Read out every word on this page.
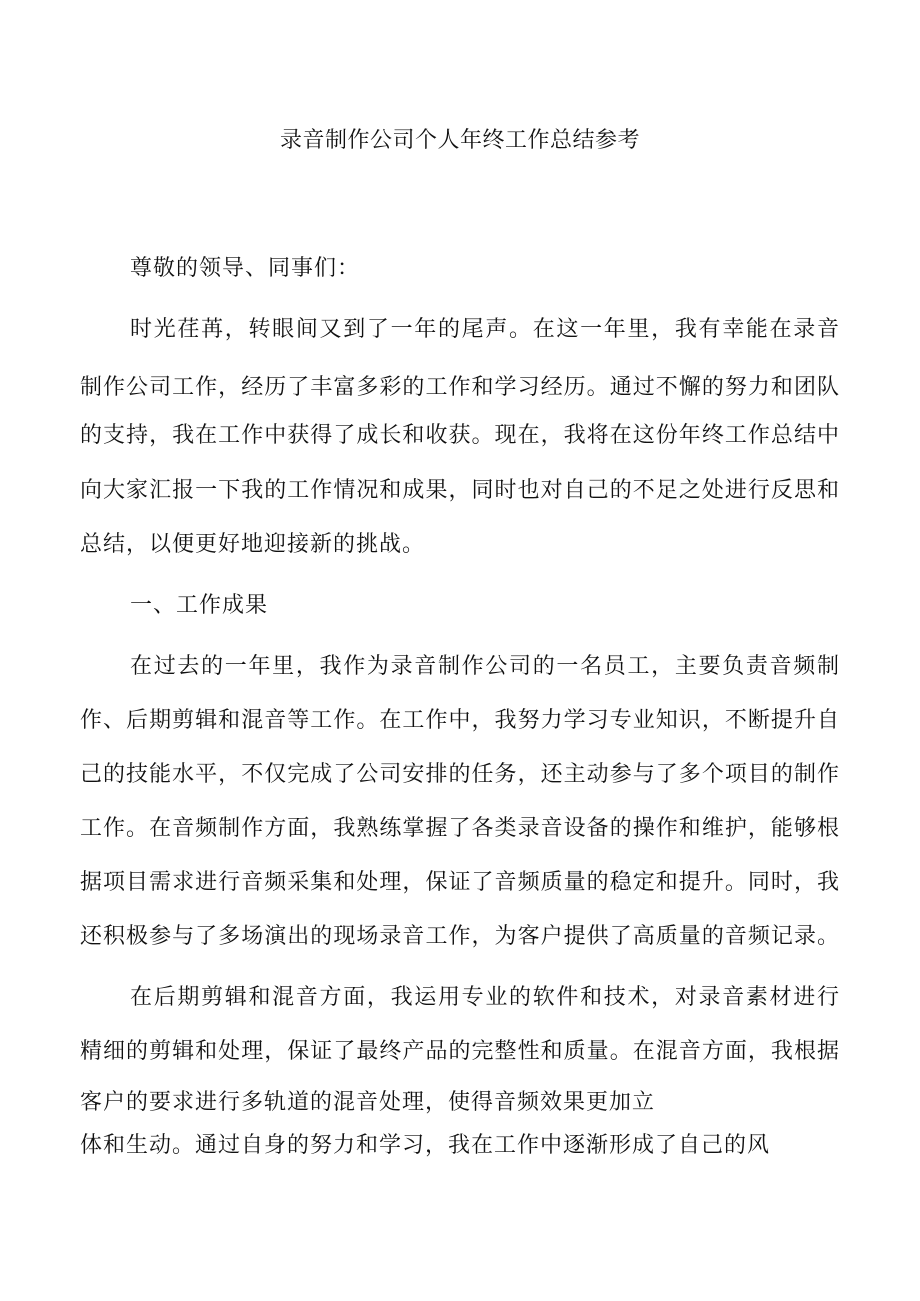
录音制作公司个人年终工作总结参考
尊敬的领导、同事们：
时光荏苒，转眼间又到了一年的尾声。在这一年里，我有幸能在录音
制作公司工作，经历了丰富多彩的工作和学习经历。通过不懈的努力和团队
的支持，我在工作中获得了成长和收获。现在，我将在这份年终工作总结中
向大家汇报一下我的工作情况和成果，同时也对自己的不足之处进行反思和
总结，以便更好地迎接新的挑战。
一、工作成果
在过去的一年里，我作为录音制作公司的一名员工，主要负责音频制
作、后期剪辑和混音等工作。在工作中，我努力学习专业知识，不断提升自
己的技能水平，不仅完成了公司安排的任务，还主动参与了多个项目的制作
工作。在音频制作方面，我熟练掌握了各类录音设备的操作和维护，能够根
据项目需求进行音频采集和处理，保证了音频质量的稳定和提升。同时，我
还积极参与了多场演出的现场录音工作，为客户提供了高质量的音频记录。
在后期剪辑和混音方面，我运用专业的软件和技术，对录音素材进行
精细的剪辑和处理，保证了最终产品的完整性和质量。在混音方面，我根据
客户的要求进行多轨道的混音处理，使得音频效果更加立
体和生动。通过自身的努力和学习，我在工作中逐渐形成了自己的风
